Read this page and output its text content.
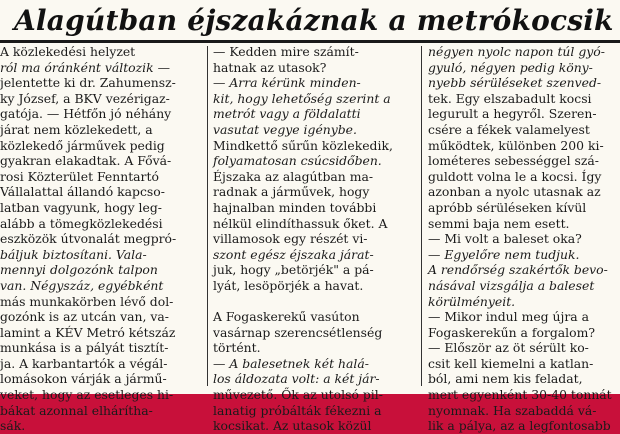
Alagútban éjszakáznak a metrókocsik
A közlekedési helyzet
ról ma óránként változik —
jelentette ki dr. Zahumensz-
ky József, a BKV vezérigaz-
gatója. — Hétfőn jó néhány
járat nem közlekedett, a
közlekedő járművek pedig
gyakran elakadtak. A Fővá-
rosi Közterület Fenntartó
Vállalattal állandó kapcso-
latban vagyunk, hogy leg-
alább a tömegközlekedési
eszközök útvonalát megpró-
báljuk biztosítani. Vala-
mennyi dolgozónk talpon
van. Négyszáz, egyébként
más munkakörben lévő dol-
gozónk is az utcán van, va-
lamint a KÉV Metró kétszáz
munkása is a pályát tisztít-
ja. A karbantartók a végál-
lomásokon várják a jármű-
veket, hogy az esetleges hi-
bákat azonnal elhárítha-
sák.
— Kedden mire számít-
hatnak az utasok?
— Arra kérünk minden-
kit, hogy lehetőség szerint a
metrót vagy a földalatti
vasutat vegye igénybe.
Mindkettő sűrűn közlekedik,
folyamatosan csúcsidőben.
Éjszaka az alagútban ma-
radnak a járművek, hogy
hajnalban minden további
nélkül elindíthassuk őket. A
villamosok egy részét vi-
szont egész éjszaka járat-
juk, hogy „betörjék" a pá-
lyát, lesöpörjék a havat.

A Fogaskerekű vasúton
vasárnap szerencsétlenség
történt.
— A balesetnek két halá-
los áldozata volt: a két jár-
művezető. Ők az utolsó pil-
lanatig próbálták fékezni a
kocsikat. Az utasok közül
négyen nyolc napon túl gyó-
gyuló, négyen pedig köny-
nyebb sérüléseket szenved-
tek. Egy elszabadult kocsi
legurult a hegyről. Szeren-
csére a fékek valamelyest
működtek, különben 200 ki-
lométeres sebességgel szá-
guldott volna le a kocsi. Így
azonban a nyolc utasnak az
apróbb sérüléseken kívül
semmi baja nem esett.
— Mi volt a baleset oka?
— Egyelőre nem tudjuk.
A rendőrség szakértők bevo-
násával vizsgálja a baleset
körülményeit.
— Mikor indul meg újra a
Fogaskerekűn a forgalom?
— Először az öt sérült ko-
csit kell kiemelni a katlan-
ból, ami nem kis feladat,
mert egyenként 30-40 tonnát
nyomnak. Ha szabaddá vá-
lik a pálya, az a legfontosabb
